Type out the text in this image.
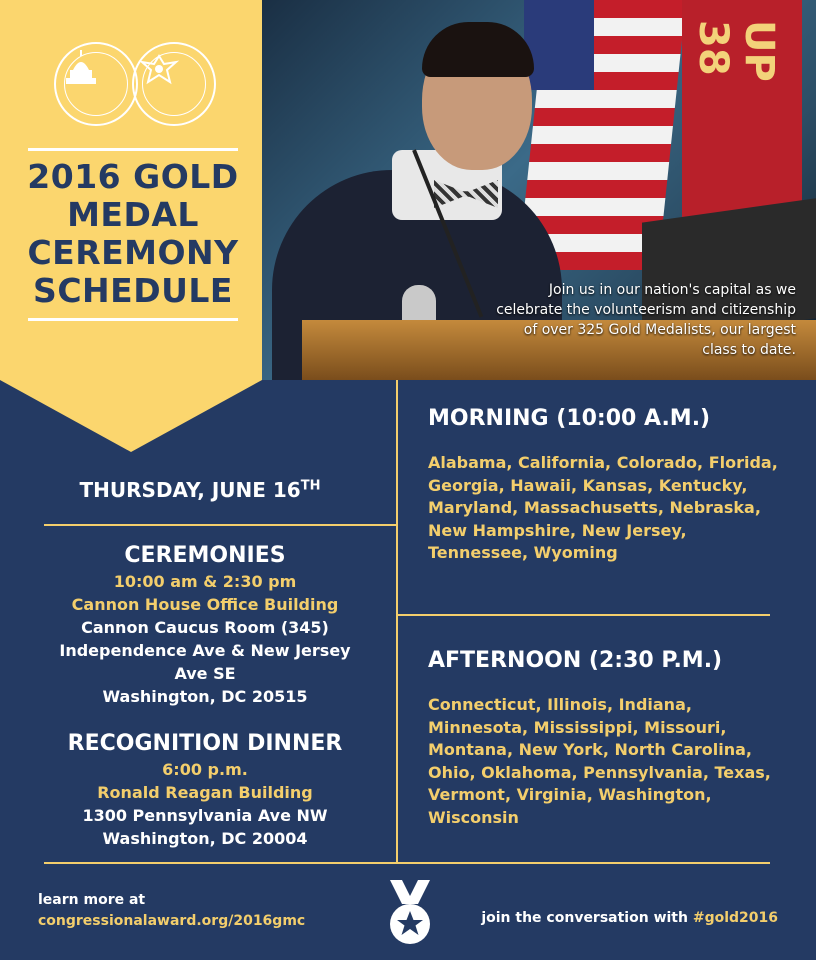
2016 GOLD
MEDAL
CEREMONY
SCHEDULE
UP 38
Join us in our nation's capital as we celebrate the volunteerism and citizenship of over 325 Gold Medalists, our largest class to date.
THURSDAY, JUNE 16TH
CEREMONIES
10:00 am & 2:30 pm
Cannon House Office Building
Cannon Caucus Room (345)
Independence Ave & New Jersey
Ave SE
Washington, DC 20515
RECOGNITION DINNER
6:00 p.m.
Ronald Reagan Building
1300 Pennsylvania Ave NW
Washington, DC 20004
MORNING (10:00 A.M.)
Alabama, California, Colorado, Florida, Georgia, Hawaii, Kansas, Kentucky, Maryland, Massachusetts, Nebraska, New Hampshire, New Jersey, Tennessee, Wyoming
AFTERNOON (2:30 P.M.)
Connecticut, Illinois, Indiana, Minnesota, Mississippi, Missouri, Montana, New York, North Carolina, Ohio, Oklahoma, Pennsylvania, Texas, Vermont, Virginia, Washington, Wisconsin
learn more at
congressionalaward.org/2016gmc	join the conversation with #gold2016
